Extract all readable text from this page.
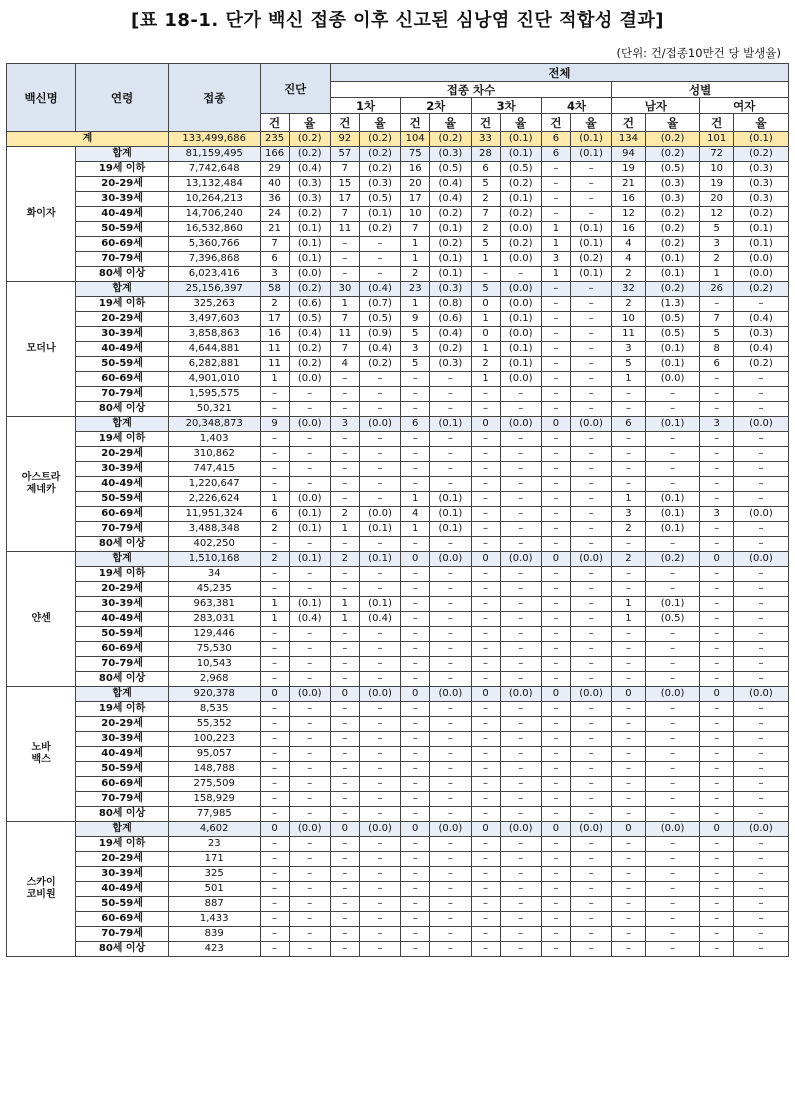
[표 18-1. 단가 백신 접종 이후 신고된 심낭염 진단 적합성 결과]
(단위: 건/접종10만건 당 발생율)
백신명	연령	접종	진단		전체											
					접종 차수								성별			
					1차		2차		3차		4차		남자		여자	
			건	율	건	율	건	율	건	율	건	율	건	율	건	율
계		133,499,686	235	(0.2)	92	(0.2)	104	(0.2)	33	(0.1)	6	(0.1)	134	(0.2)	101	(0.1)
화이자	합계	81,159,495	166	(0.2)	57	(0.2)	75	(0.3)	28	(0.1)	6	(0.1)	94	(0.2)	72	(0.2)
	19세 이하	7,742,648	29	(0.4)	7	(0.2)	16	(0.5)	6	(0.5)	–	–	19	(0.5)	10	(0.3)
	20-29세	13,132,484	40	(0.3)	15	(0.3)	20	(0.4)	5	(0.2)	–	–	21	(0.3)	19	(0.3)
	30-39세	10,264,213	36	(0.3)	17	(0.5)	17	(0.4)	2	(0.1)	–	–	16	(0.3)	20	(0.3)
	40-49세	14,706,240	24	(0.2)	7	(0.1)	10	(0.2)	7	(0.2)	–	–	12	(0.2)	12	(0.2)
	50-59세	16,532,860	21	(0.1)	11	(0.2)	7	(0.1)	2	(0.0)	1	(0.1)	16	(0.2)	5	(0.1)
	60-69세	5,360,766	7	(0.1)	–	–	1	(0.2)	5	(0.2)	1	(0.1)	4	(0.2)	3	(0.1)
	70-79세	7,396,868	6	(0.1)	–	–	1	(0.1)	1	(0.0)	3	(0.2)	4	(0.1)	2	(0.0)
	80세 이상	6,023,416	3	(0.0)	–	–	2	(0.1)	–	–	1	(0.1)	2	(0.1)	1	(0.0)
모더나	합계	25,156,397	58	(0.2)	30	(0.4)	23	(0.3)	5	(0.0)	–	–	32	(0.2)	26	(0.2)
	19세 이하	325,263	2	(0.6)	1	(0.7)	1	(0.8)	0	(0.0)	–	–	2	(1.3)	–	–
	20-29세	3,497,603	17	(0.5)	7	(0.5)	9	(0.6)	1	(0.1)	–	–	10	(0.5)	7	(0.4)
	30-39세	3,858,863	16	(0.4)	11	(0.9)	5	(0.4)	0	(0.0)	–	–	11	(0.5)	5	(0.3)
	40-49세	4,644,881	11	(0.2)	7	(0.4)	3	(0.2)	1	(0.1)	–	–	3	(0.1)	8	(0.4)
	50-59세	6,282,881	11	(0.2)	4	(0.2)	5	(0.3)	2	(0.1)	–	–	5	(0.1)	6	(0.2)
	60-69세	4,901,010	1	(0.0)	–	–	–	–	1	(0.0)	–	–	1	(0.0)	–	–
	70-79세	1,595,575	–	–	–	–	–	–	–	–	–	–	–	–	–	–
	80세 이상	50,321	–	–	–	–	–	–	–	–	–	–	–	–	–	–
아스트라
제네카	합계	20,348,873	9	(0.0)	3	(0.0)	6	(0.1)	0	(0.0)	0	(0.0)	6	(0.1)	3	(0.0)
	19세 이하	1,403	–	–	–	–	–	–	–	–	–	–	–	–	–	–
	20-29세	310,862	–	–	–	–	–	–	–	–	–	–	–	–	–	–
	30-39세	747,415	–	–	–	–	–	–	–	–	–	–	–	–	–	–
	40-49세	1,220,647	–	–	–	–	–	–	–	–	–	–	–	–	–	–
	50-59세	2,226,624	1	(0.0)	–	–	1	(0.1)	–	–	–	–	1	(0.1)	–	–
	60-69세	11,951,324	6	(0.1)	2	(0.0)	4	(0.1)	–	–	–	–	3	(0.1)	3	(0.0)
	70-79세	3,488,348	2	(0.1)	1	(0.1)	1	(0.1)	–	–	–	–	2	(0.1)	–	–
	80세 이상	402,250	–	–	–	–	–	–	–	–	–	–	–	–	–	–
얀센	합계	1,510,168	2	(0.1)	2	(0.1)	0	(0.0)	0	(0.0)	0	(0.0)	2	(0.2)	0	(0.0)
	19세 이하	34	–	–	–	–	–	–	–	–	–	–	–	–	–	–
	20-29세	45,235	–	–	–	–	–	–	–	–	–	–	–	–	–	–
	30-39세	963,381	1	(0.1)	1	(0.1)	–	–	–	–	–	–	1	(0.1)	–	–
	40-49세	283,031	1	(0.4)	1	(0.4)	–	–	–	–	–	–	1	(0.5)	–	–
	50-59세	129,446	–	–	–	–	–	–	–	–	–	–	–	–	–	–
	60-69세	75,530	–	–	–	–	–	–	–	–	–	–	–	–	–	–
	70-79세	10,543	–	–	–	–	–	–	–	–	–	–	–	–	–	–
	80세 이상	2,968	–	–	–	–	–	–	–	–	–	–	–	–	–	–
노바
백스	합계	920,378	0	(0.0)	0	(0.0)	0	(0.0)	0	(0.0)	0	(0.0)	0	(0.0)	0	(0.0)
	19세 이하	8,535	–	–	–	–	–	–	–	–	–	–	–	–	–	–
	20-29세	55,352	–	–	–	–	–	–	–	–	–	–	–	–	–	–
	30-39세	100,223	–	–	–	–	–	–	–	–	–	–	–	–	–	–
	40-49세	95,057	–	–	–	–	–	–	–	–	–	–	–	–	–	–
	50-59세	148,788	–	–	–	–	–	–	–	–	–	–	–	–	–	–
	60-69세	275,509	–	–	–	–	–	–	–	–	–	–	–	–	–	–
	70-79세	158,929	–	–	–	–	–	–	–	–	–	–	–	–	–	–
	80세 이상	77,985	–	–	–	–	–	–	–	–	–	–	–	–	–	–
스카이
코비원	합계	4,602	0	(0.0)	0	(0.0)	0	(0.0)	0	(0.0)	0	(0.0)	0	(0.0)	0	(0.0)
	19세 이하	23	–	–	–	–	–	–	–	–	–	–	–	–	–	–
	20-29세	171	–	–	–	–	–	–	–	–	–	–	–	–	–	–
	30-39세	325	–	–	–	–	–	–	–	–	–	–	–	–	–	–
	40-49세	501	–	–	–	–	–	–	–	–	–	–	–	–	–	–
	50-59세	887	–	–	–	–	–	–	–	–	–	–	–	–	–	–
	60-69세	1,433	–	–	–	–	–	–	–	–	–	–	–	–	–	–
	70-79세	839	–	–	–	–	–	–	–	–	–	–	–	–	–	–
	80세 이상	423	–	–	–	–	–	–	–	–	–	–	–	–	–	–
